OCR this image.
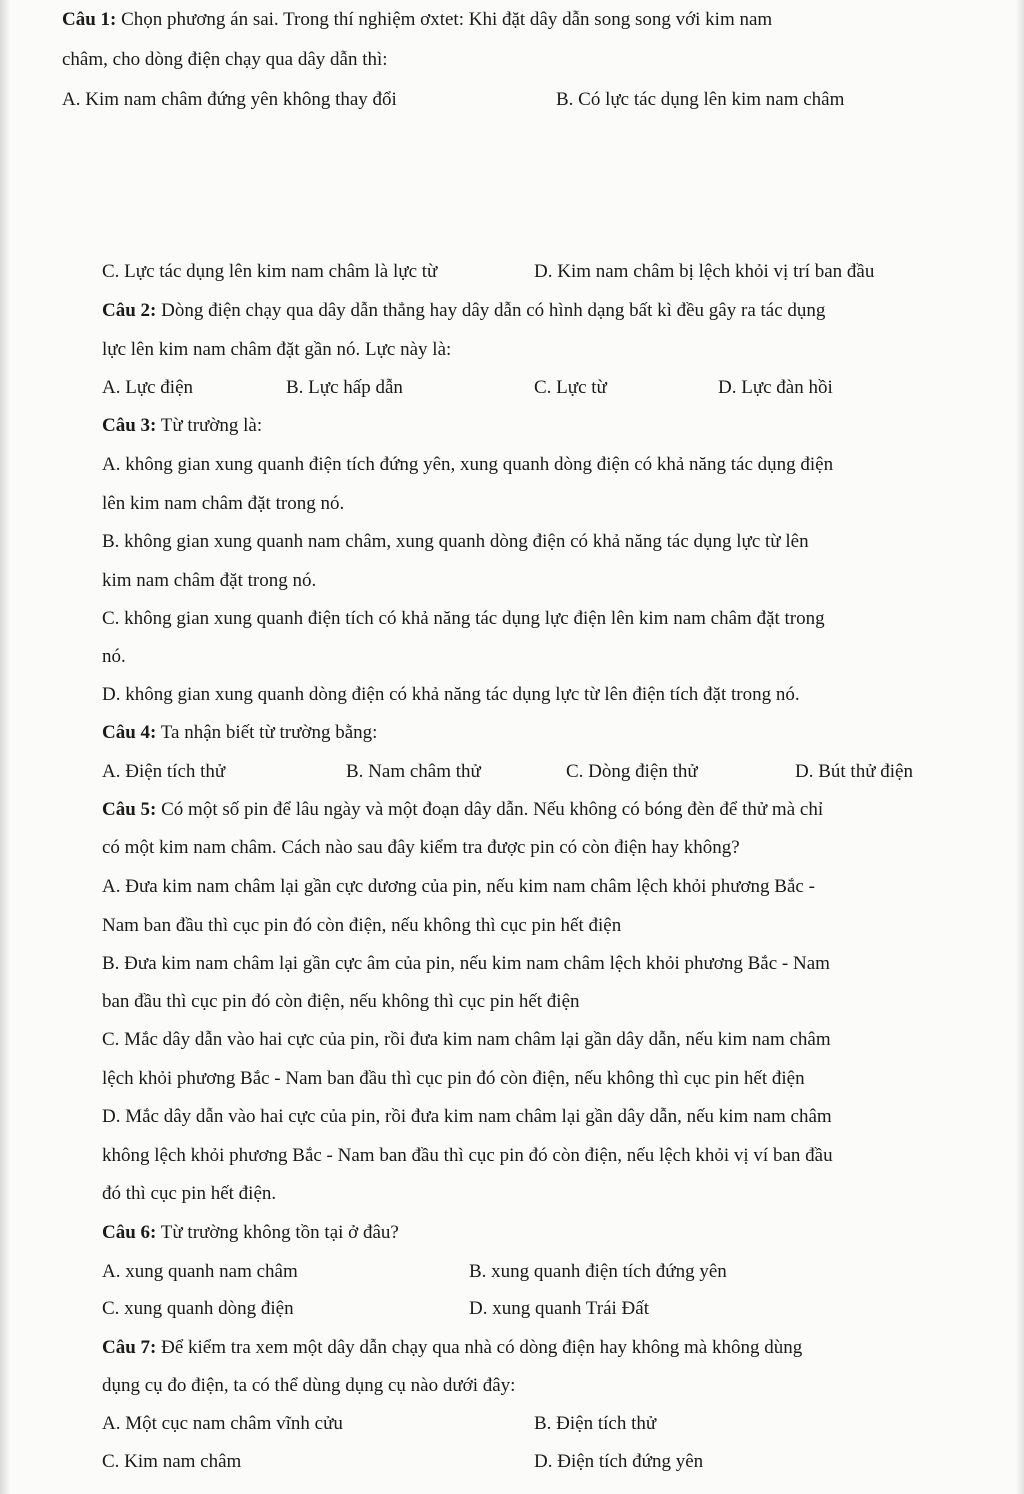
Câu 1: Chọn phương án sai. Trong thí nghiệm ơxtet: Khi đặt dây dẫn song song với kim nam
châm, cho dòng điện chạy qua dây dẫn thì:
A. Kim nam châm đứng yên không thay đổi	B. Có lực tác dụng lên kim nam châm
C. Lực tác dụng lên kim nam châm là lực từ	D. Kim nam châm bị lệch khỏi vị trí ban đầu
Câu 2: Dòng điện chạy qua dây dẫn thẳng hay dây dẫn có hình dạng bất kì đều gây ra tác dụng
lực lên kim nam châm đặt gần nó. Lực này là:
A. Lực điện	B. Lực hấp dẫn	C. Lực từ	D. Lực đàn hồi
Câu 3: Từ trường là:
A. không gian xung quanh điện tích đứng yên, xung quanh dòng điện có khả năng tác dụng điện
lên kim nam châm đặt trong nó.
B. không gian xung quanh nam châm, xung quanh dòng điện có khả năng tác dụng lực từ lên
kim nam châm đặt trong nó.
C. không gian xung quanh điện tích có khả năng tác dụng lực điện lên kim nam châm đặt trong
nó.
D. không gian xung quanh dòng điện có khả năng tác dụng lực từ lên điện tích đặt trong nó.
Câu 4: Ta nhận biết từ trường bằng:
A. Điện tích thử	B. Nam châm thử	C. Dòng điện thử	D. Bút thử điện
Câu 5: Có một số pin để lâu ngày và một đoạn dây dẫn. Nếu không có bóng đèn để thử mà chỉ
có một kim nam châm. Cách nào sau đây kiểm tra được pin có còn điện hay không?
A. Đưa kim nam châm lại gần cực dương của pin, nếu kim nam châm lệch khỏi phương Bắc -
Nam ban đầu thì cục pin đó còn điện, nếu không thì cục pin hết điện
B. Đưa kim nam châm lại gần cực âm của pin, nếu kim nam châm lệch khỏi phương Bắc - Nam
ban đầu thì cục pin đó còn điện, nếu không thì cục pin hết điện
C. Mắc dây dẫn vào hai cực của pin, rồi đưa kim nam châm lại gần dây dẫn, nếu kim nam châm
lệch khỏi phương Bắc - Nam ban đầu thì cục pin đó còn điện, nếu không thì cục pin hết điện
D. Mắc dây dẫn vào hai cực của pin, rồi đưa kim nam châm lại gần dây dẫn, nếu kim nam châm
không lệch khỏi phương Bắc - Nam ban đầu thì cục pin đó còn điện, nếu lệch khỏi vị ví ban đầu
đó thì cục pin hết điện.
Câu 6: Từ trường không tồn tại ở đâu?
A. xung quanh nam châm	B. xung quanh điện tích đứng yên
C. xung quanh dòng điện	D. xung quanh Trái Đất
Câu 7: Để kiểm tra xem một dây dẫn chạy qua nhà có dòng điện hay không mà không dùng
dụng cụ đo điện, ta có thể dùng dụng cụ nào dưới đây:
A. Một cục nam châm vĩnh cửu	B. Điện tích thử
C. Kim nam châm	D. Điện tích đứng yên
